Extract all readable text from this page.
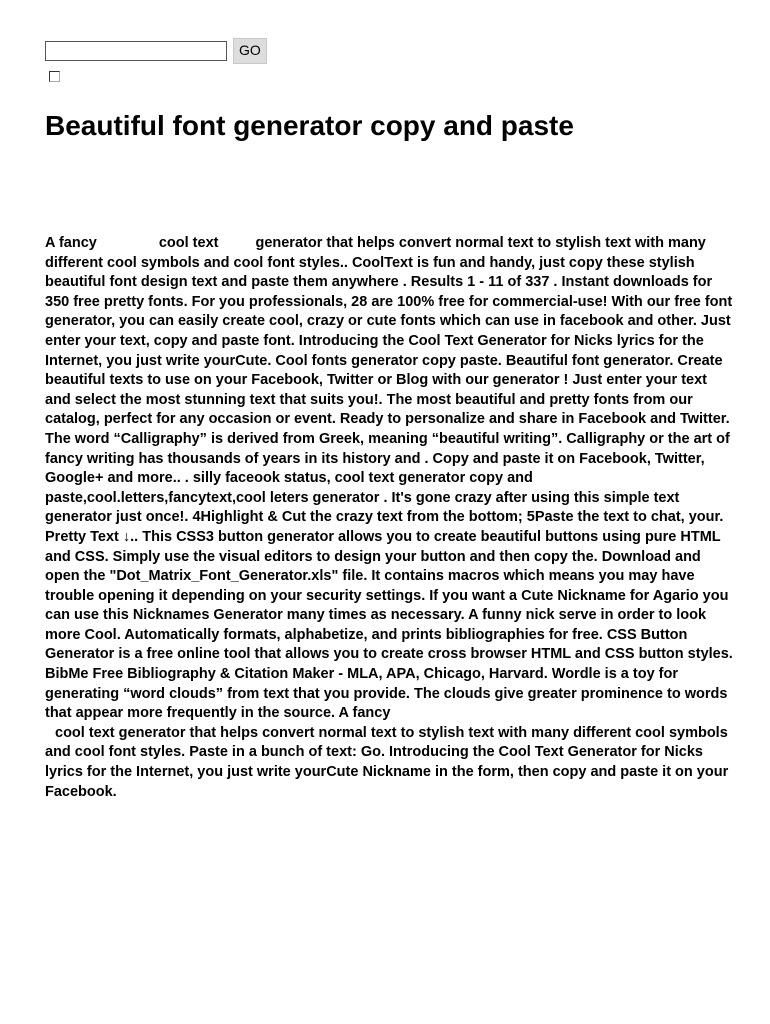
GO
Beautiful font generator copy and paste

A fancy	cool text	generator that helps convert normal text to stylish text with many different cool symbols and cool font styles.. CoolText is fun and handy, just copy these stylish beautiful font design text and paste them anywhere . Results 1 - 11 of 337 . Instant downloads for 350 free pretty fonts. For you professionals, 28 are 100% free for commercial-use! With our free font generator, you can easily create cool, crazy or cute fonts which can use in facebook and other. Just enter your text, copy and paste font. Introducing the Cool Text Generator for Nicks lyrics for the Internet, you just write yourCute. Cool fonts generator copy paste. Beautiful font generator. Create beautiful texts to use on your Facebook, Twitter or Blog with our generator ! Just enter your text and select the most stunning text that suits you!. The most beautiful and pretty fonts from our catalog, perfect for any occasion or event. Ready to personalize and share in Facebook and Twitter. The word “Calligraphy” is derived from Greek, meaning “beautiful writing”. Calligraphy or the art of fancy writing has thousands of years in its history and . Copy and paste it on Facebook, Twitter, Google+ and more.. . silly faceook status, cool text generator copy and paste,cool.letters,fancytext,cool leters generator . It's gone crazy after using this simple text generator just once!. 4Highlight & Cut the crazy text from the bottom; 5Paste the text to chat, your. Pretty Text ↓.. This CSS3 button generator allows you to create beautiful buttons using pure HTML and CSS. Simply use the visual editors to design your button and then copy the. Download and open the "Dot_Matrix_Font_Generator.xls" file. It contains macros which means you may have trouble opening it depending on your security settings. If you want a Cute Nickname for Agario you can use this Nicknames Generator many times as necessary. A funny nick serve in order to look more Cool. Automatically formats, alphabetize, and prints bibliographies for free. CSS Button Generator is a free online tool that allows you to create cross browser HTML and CSS button styles. BibMe Free Bibliography & Citation Maker - MLA, APA, Chicago, Harvard. Wordle is a toy for generating “word clouds” from text that you provide. The clouds give greater prominence to words that appear more frequently in the source. A fancy
cool text generator that helps convert normal text to stylish text with many different cool symbols and cool font styles. Paste in a bunch of text: Go. Introducing the Cool Text Generator for Nicks lyrics for the Internet, you just write yourCute Nickname in the form, then copy and paste it on your Facebook.
